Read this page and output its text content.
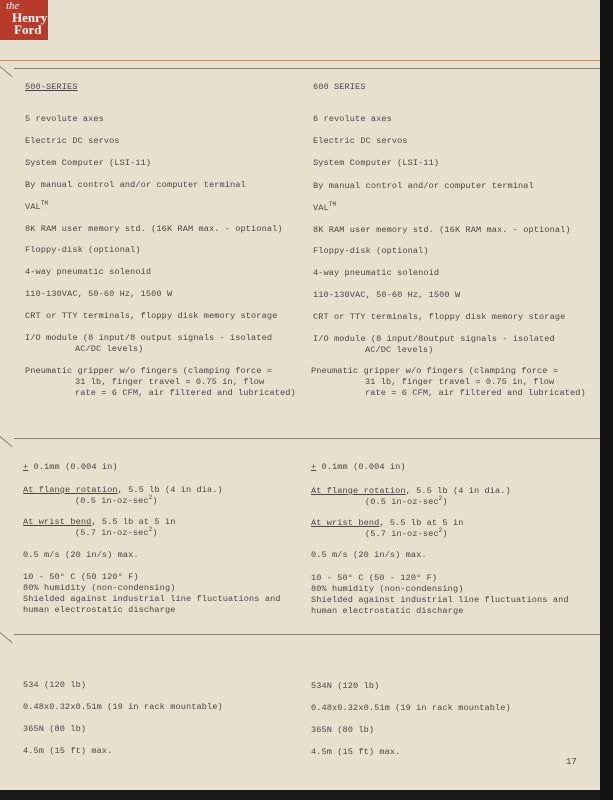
the
Henry
Ford
500-SERIES
5 revolute axes
Electric DC servos
System Computer (LSI-11)
By manual control and/or computer terminal
VAL™
8K RAM user memory std. (16K RAM max. - optional)
Floppy-disk (optional)
4-way pneumatic solenoid
110-130VAC, 50-60 Hz, 1500 W
CRT or TTY terminals, floppy disk memory storage
I/O module (8 input/8 output signals - isolated
AC/DC levels)
Pneumatic gripper w/o fingers (clamping force =
31 lb, finger travel = 0.75 in, flow
rate = 6 CFM, air filtered and lubricated)
+ 0.1mm (0.004 in)
At flange rotation, 5.5 lb (4 in dia.)
(0.5 $in-oz-\sec^2$)
At wrist bend, 5.5 lb at 5 in
(5.7 $in-oz-\sec^2$)
0.5 m/s (20 in/s) max.
10 - 50° C (50 120° F)
80% humidity (non-condensing)
Shielded against industrial line fluctuations and
human electrostatic discharge
534 (120 lb)
0.48x0.32x0.51m (19 in rack mountable)
365N (80 lb)
4.5m (15 ft) max.
600 SERIES
6 revolute axes
Electric DC servos
System Computer (LSI-11)
By manual control and/or computer terminal
VAL™
8K RAM user memory std. (16K RAM max. - optional)
Floppy-disk (optional)
4-way pneumatic solenoid
110-130VAC, 50-60 Hz, 1500 W
CRT or TTY terminals, floppy disk memory storage
I/O module (8 input/8output signals - isolated
AC/DC levels)
Pneumatic gripper w/o fingers (clamping force =
31 lb, finger travel = 0.75 in, flow
rate = 6 CFM, air filtered and lubricated)
+ 0.1mm (0.004 in)
At flange rotation, 5.5 lb (4 in dia.)
(0.5 $in-oz-\sec^2$)
At wrist bend, 5.5 lb at 5 in
(5.7 $in-oz-\sec^2$)
0.5 m/s (20 in/s) max.
10 - 50° C (50 - 120° F)
80% humidity (non-condensing)
Shielded against industrial line fluctuations and
human electrostatic discharge
534N (120 lb)
0.48x0.32x0.51m (19 in rack mountable)
365N (80 lb)
4.5m (15 ft) max.
17
